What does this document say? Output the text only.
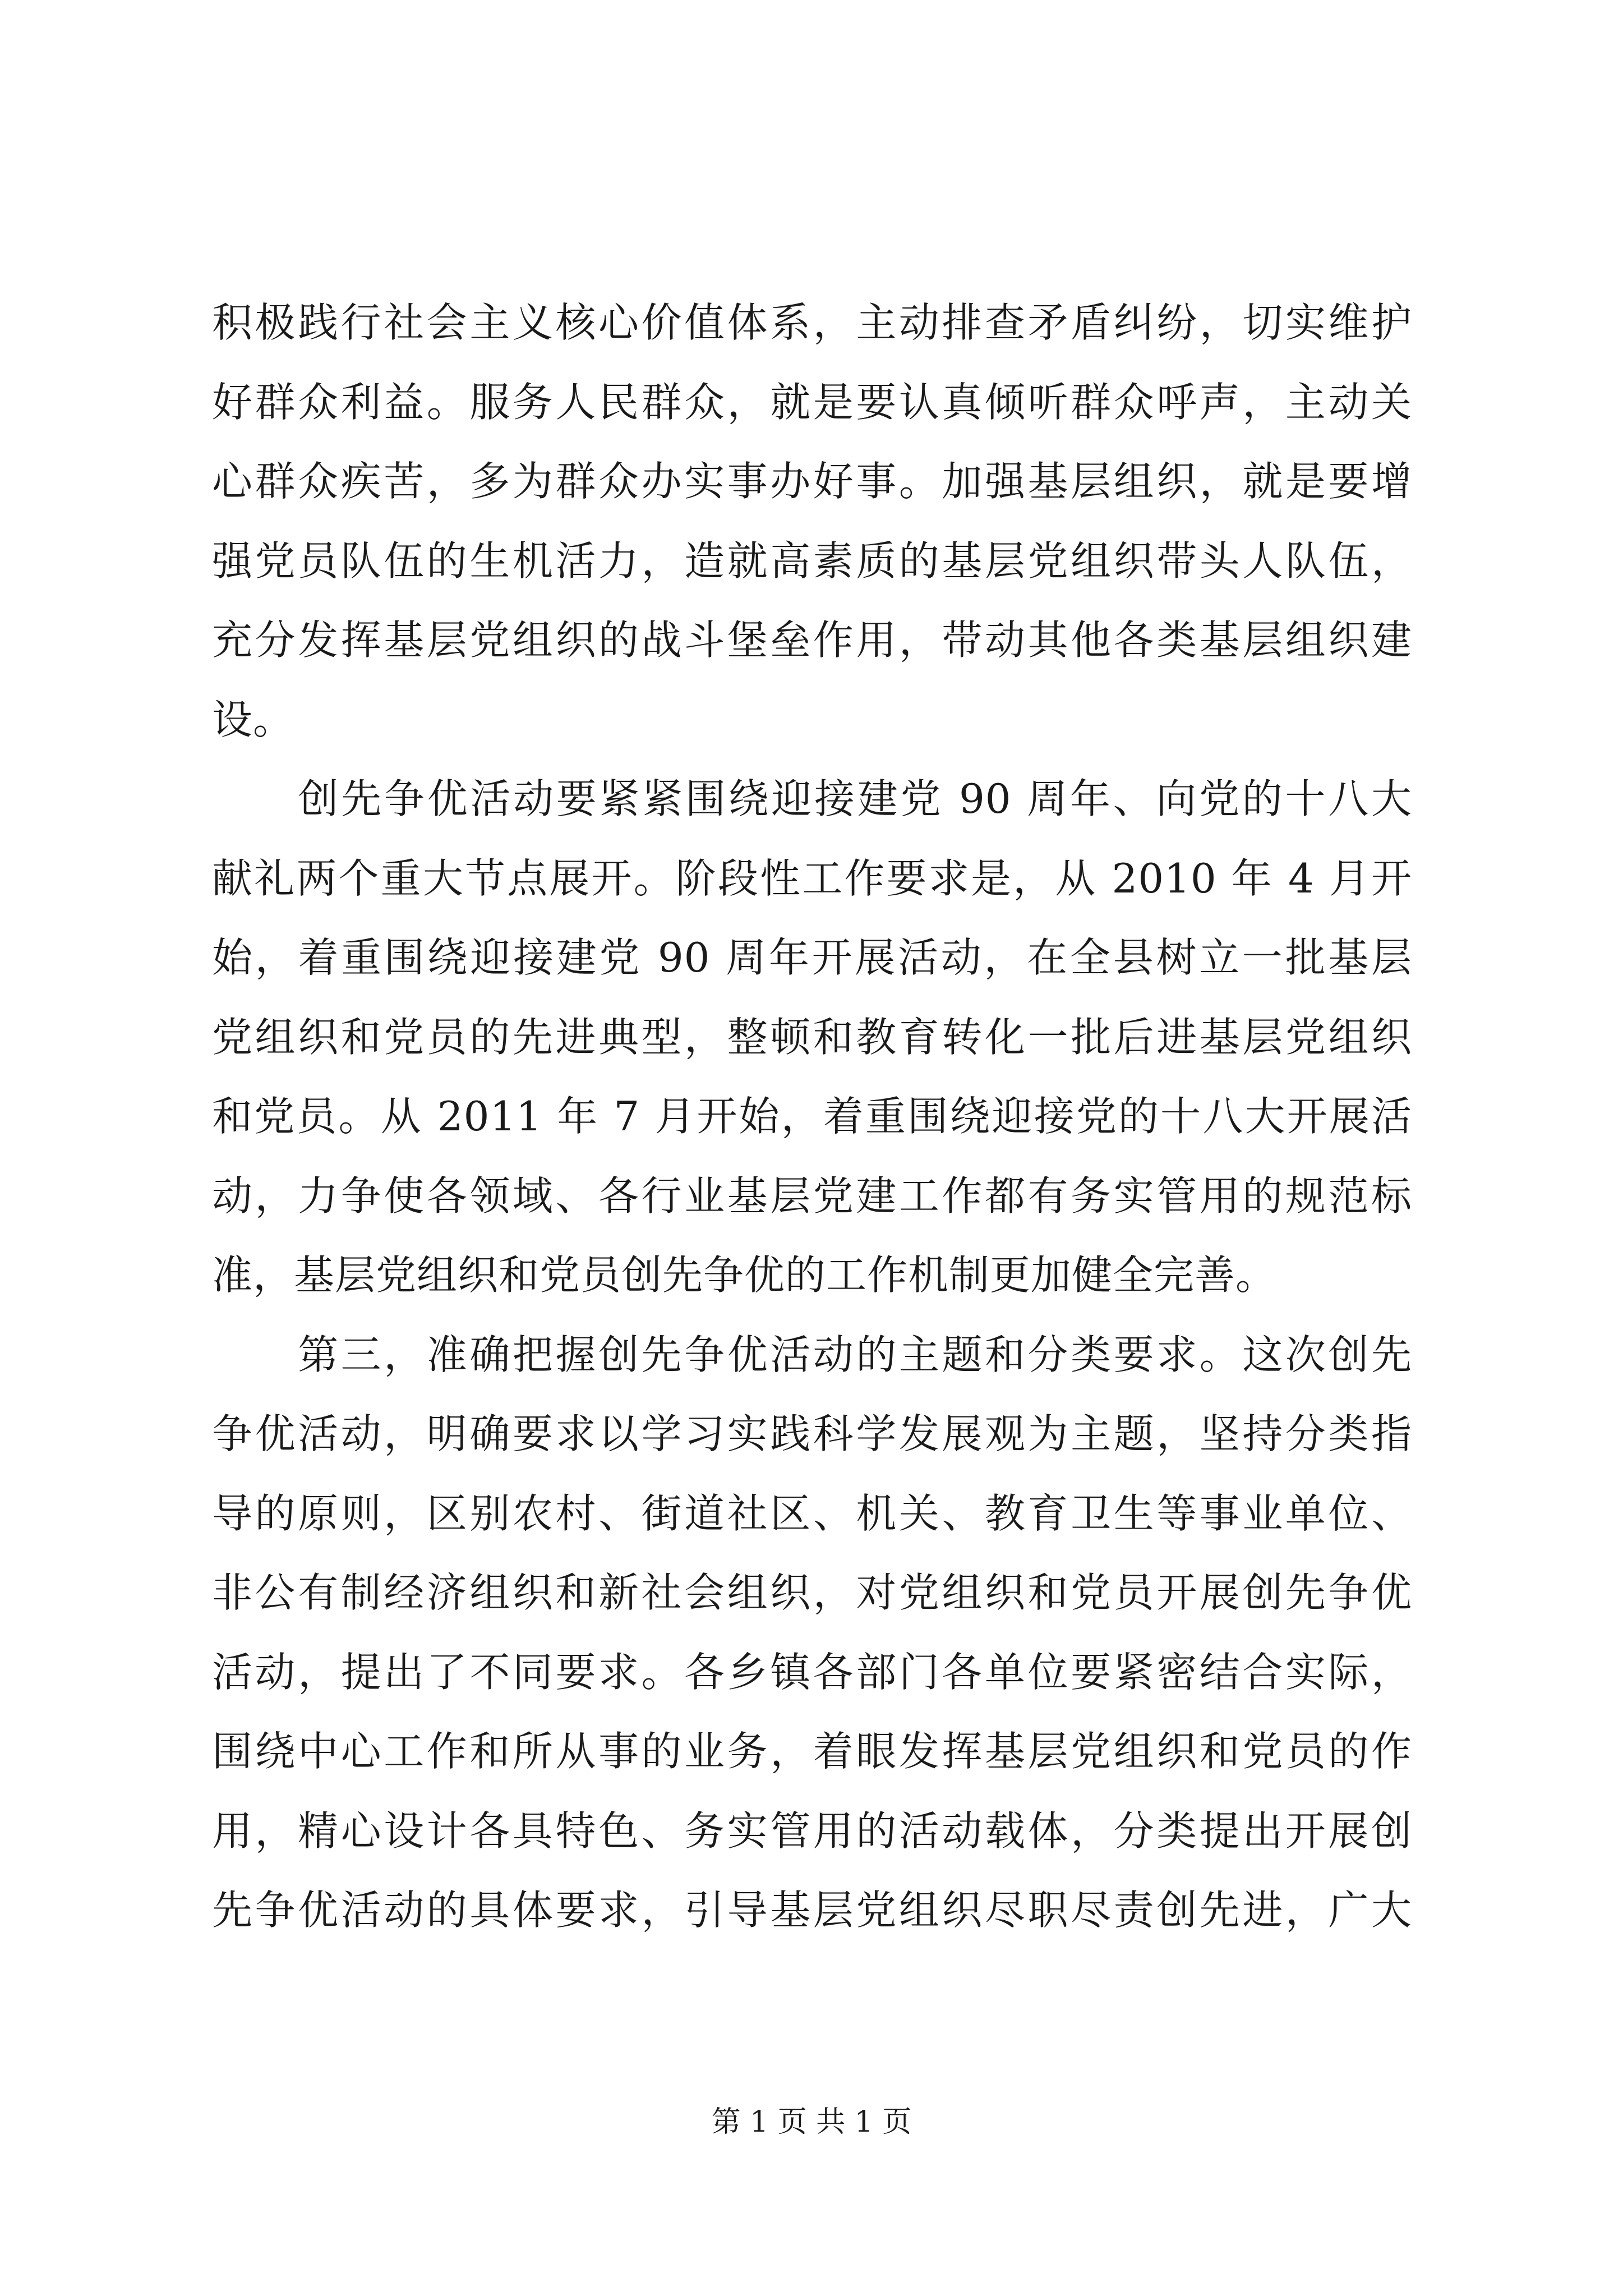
积极践行社会主义核心价值体系，主动排查矛盾纠纷，切实维护
好群众利益。服务人民群众，就是要认真倾听群众呼声，主动关
心群众疾苦，多为群众办实事办好事。加强基层组织，就是要增
强党员队伍的生机活力，造就高素质的基层党组织带头人队伍，
充分发挥基层党组织的战斗堡垒作用，带动其他各类基层组织建
设。
　　创先争优活动要紧紧围绕迎接建党 90 周年、向党的十八大
献礼两个重大节点展开。阶段性工作要求是，从 2010 年 4 月开
始，着重围绕迎接建党 90 周年开展活动，在全县树立一批基层
党组织和党员的先进典型，整顿和教育转化一批后进基层党组织
和党员。从 2011 年 7 月开始，着重围绕迎接党的十八大开展活
动，力争使各领域、各行业基层党建工作都有务实管用的规范标
准，基层党组织和党员创先争优的工作机制更加健全完善。
　　第三，准确把握创先争优活动的主题和分类要求。这次创先
争优活动，明确要求以学习实践科学发展观为主题，坚持分类指
导的原则，区别农村、街道社区、机关、教育卫生等事业单位、
非公有制经济组织和新社会组织，对党组织和党员开展创先争优
活动，提出了不同要求。各乡镇各部门各单位要紧密结合实际，
围绕中心工作和所从事的业务，着眼发挥基层党组织和党员的作
用，精心设计各具特色、务实管用的活动载体，分类提出开展创
先争优活动的具体要求，引导基层党组织尽职尽责创先进，广大
第 1 页 共 1 页
